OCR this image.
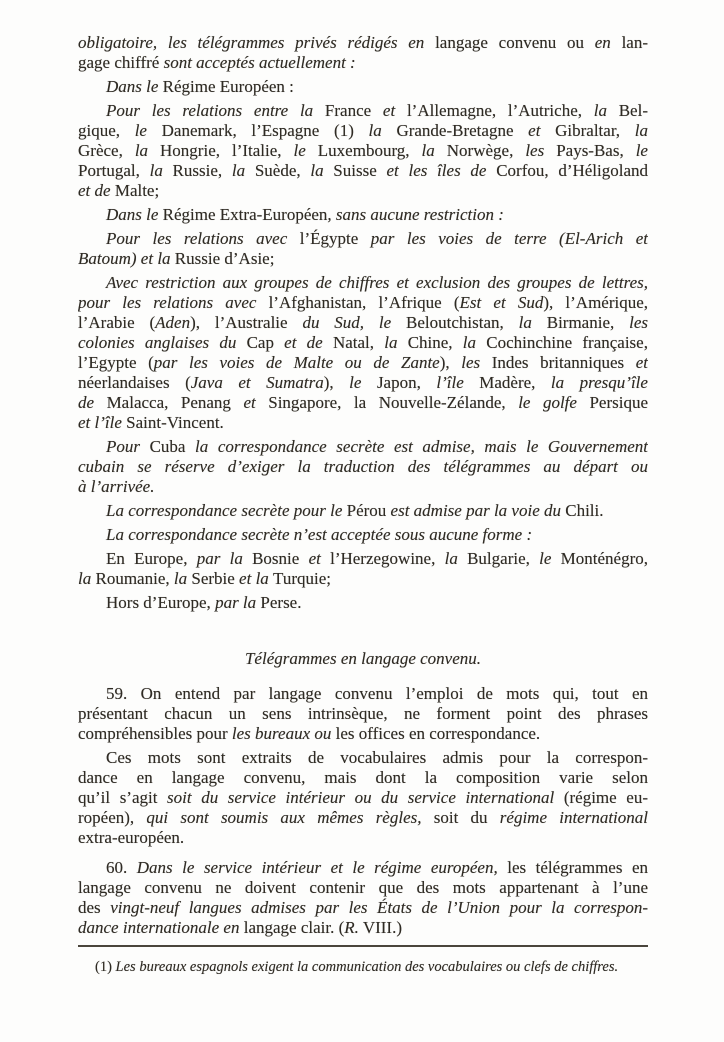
obligatoire, les télégrammes privés rédigés en langage convenu ou en lan-
gage chiffré sont acceptés actuellement :
Dans le Régime Européen :
Pour les relations entre la France et l’Allemagne, l’Autriche, la Bel-
gique, le Danemark, l’Espagne (1) la Grande-Bretagne et Gibraltar, la
Grèce, la Hongrie, l’Italie, le Luxembourg, la Norwège, les Pays-Bas, le
Portugal, la Russie, la Suède, la Suisse et les îles de Corfou, d’Héligoland
et de Malte;
Dans le Régime Extra-Européen, sans aucune restriction :
Pour les relations avec l’Égypte par les voies de terre (El-Arich et
Batoum) et la Russie d’Asie;
Avec restriction aux groupes de chiffres et exclusion des groupes de lettres,
pour les relations avec l’Afghanistan, l’Afrique (Est et Sud), l’Amérique,
l’Arabie (Aden), l’Australie du Sud, le Beloutchistan, la Birmanie, les
colonies anglaises du Cap et de Natal, la Chine, la Cochinchine française,
l’Egypte (par les voies de Malte ou de Zante), les Indes britanniques et
néerlandaises (Java et Sumatra), le Japon, l’île Madère, la presqu’île
de Malacca, Penang et Singapore, la Nouvelle-Zélande, le golfe Persique
et l’île Saint-Vincent.
Pour Cuba la correspondance secrète est admise, mais le Gouvernement
cubain se réserve d’exiger la traduction des télégrammes au départ ou
à l’arrivée.
La correspondance secrète pour le Pérou est admise par la voie du Chili.
La correspondance secrète n’est acceptée sous aucune forme :
En Europe, par la Bosnie et l’Herzegowine, la Bulgarie, le Monténégro,
la Roumanie, la Serbie et la Turquie;
Hors d’Europe, par la Perse.
Télégrammes en langage convenu.
59. On entend par langage convenu l’emploi de mots qui, tout en
présentant chacun un sens intrinsèque, ne forment point des phrases
compréhensibles pour les bureaux ou les offices en correspondance.
Ces mots sont extraits de vocabulaires admis pour la correspon-
dance en langage convenu, mais dont la composition varie selon
qu’il s’agit soit du service intérieur ou du service international (régime eu-
ropéen), qui sont soumis aux mêmes règles, soit du régime international
extra-européen.
60. Dans le service intérieur et le régime européen, les télégrammes en
langage convenu ne doivent contenir que des mots appartenant à l’une
des vingt-neuf langues admises par les États de l’Union pour la correspon-
dance internationale en langage clair. (R. VIII.)
(1) Les bureaux espagnols exigent la communication des vocabulaires ou clefs de chiffres.
